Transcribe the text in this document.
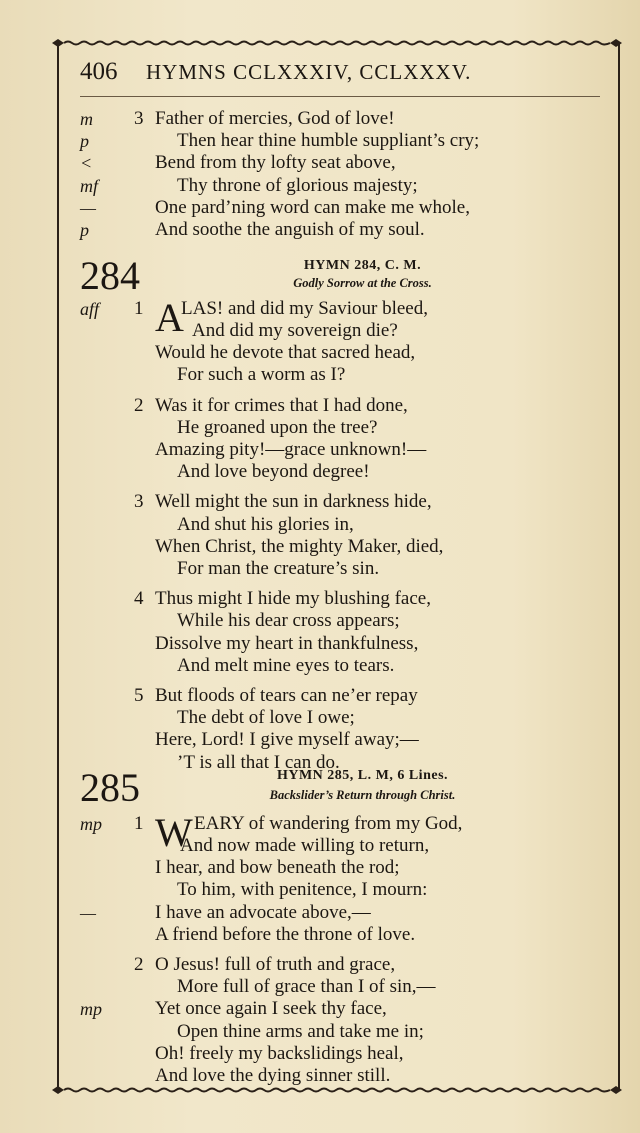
406 HYMNS CCLXXXIV, CCLXXXV.
m 3 Father of mercies, God of love!
p	Then hear thine humble suppliant’s cry;
<	Bend from thy lofty seat above,
mf	Thy throne of glorious majesty;
—	One pard’ning word can make me whole,
p	And soothe the anguish of my soul.
284	HYMN 284, C. M.
Godly Sorrow at the Cross.
aff 1 A
LAS! and did my Saviour bleed,
And did my sovereign die?
Would he devote that sacred head,
For such a worm as I?
2 Was it for crimes that I had done,
He groaned upon the tree?
Amazing pity!—grace unknown!—
And love beyond degree!
3 Well might the sun in darkness hide,
And shut his glories in,
When Christ, the mighty Maker, died,
For man the creature’s sin.
4 Thus might I hide my blushing face,
While his dear cross appears;
Dissolve my heart in thankfulness,
And melt mine eyes to tears.
5 But floods of tears can ne’er repay
The debt of love I owe;
Here, Lord! I give myself away;—
’T is all that I can do.
285	HYMN 285, L. M, 6 Lines.
Backslider’s Return through Christ.
mp 1 W EARY of wandering from my God,
And now made willing to return,
I hear, and bow beneath the rod;
To him, with penitence, I mourn:
—	I have an advocate above,—
A friend before the throne of love.
2 O Jesus! full of truth and grace,
More full of grace than I of sin,—
mp	Yet once again I seek thy face,
Open thine arms and take me in;
Oh! freely my backslidings heal,
And love the dying sinner still.
